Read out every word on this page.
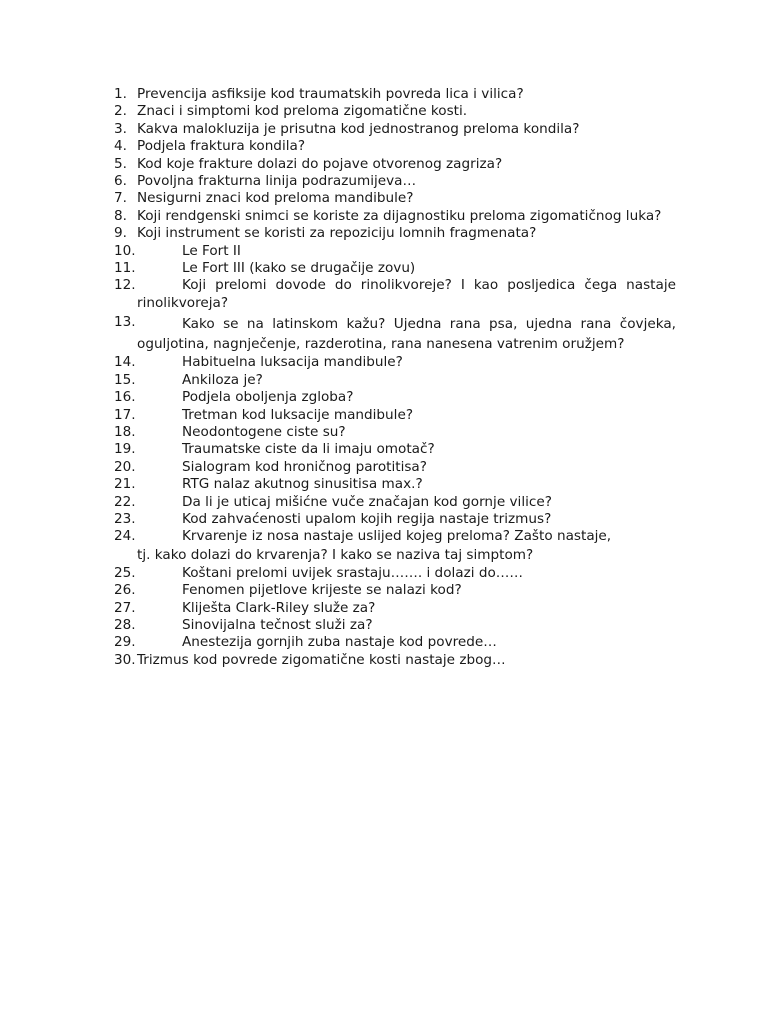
1. Prevencija asfiksije kod traumatskih povreda lica i vilica?
2. Znaci i simptomi kod preloma zigomatične kosti.
3. Kakva malokluzija je prisutna kod jednostranog preloma kondila?
4. Podjela fraktura kondila?
5. Kod koje frakture dolazi do pojave otvorenog zagriza?
6. Povoljna frakturna linija podrazumijeva…
7. Nesigurni znaci kod preloma mandibule?
8. Koji rendgenski snimci se koriste za dijagnostiku preloma zigomatičnog luka?
9. Koji instrument se koristi za repoziciju lomnih fragmenata?
10.	Le Fort II
11.	Le Fort III (kako se drugačije zovu)
12.	Koji prelomi dovode do rinolikvoreje? I kao posljedica čega nastaje rinolikvoreja?
13.	Kako se na latinskom kažu? Ujedna rana psa, ujedna rana čovjeka, oguljotina, nagnječenje, razderotina, rana nanesena vatrenim oružjem?
14.	Habituelna luksacija mandibule?
15.	Ankiloza je?
16.	Podjela oboljenja zgloba?
17.	Tretman kod luksacije mandibule?
18.	Neodontogene ciste su?
19.	Traumatske ciste da li imaju omotač?
20.	Sialogram kod hroničnog parotitisa?
21.	RTG nalaz akutnog sinusitisa max.?
22.	Da li je uticaj mišićne vuče značajan kod gornje vilice?
23.	Kod zahvaćenosti upalom kojih regija nastaje trizmus?
24.	Krvarenje iz nosa nastaje uslijed kojeg preloma? Zašto nastaje,
tj. kako dolazi do krvarenja? I kako se naziva taj simptom?
25.	Koštani prelomi uvijek srastaju……. i dolazi do……
26.	Fenomen pijetlove krijeste se nalazi kod?
27.	Kliješta Clark-Riley služe za?
28.	Sinovijalna tečnost služi za?
29.	Anestezija gornjih zuba nastaje kod povrede…
30. Trizmus kod povrede zigomatične kosti nastaje zbog…
